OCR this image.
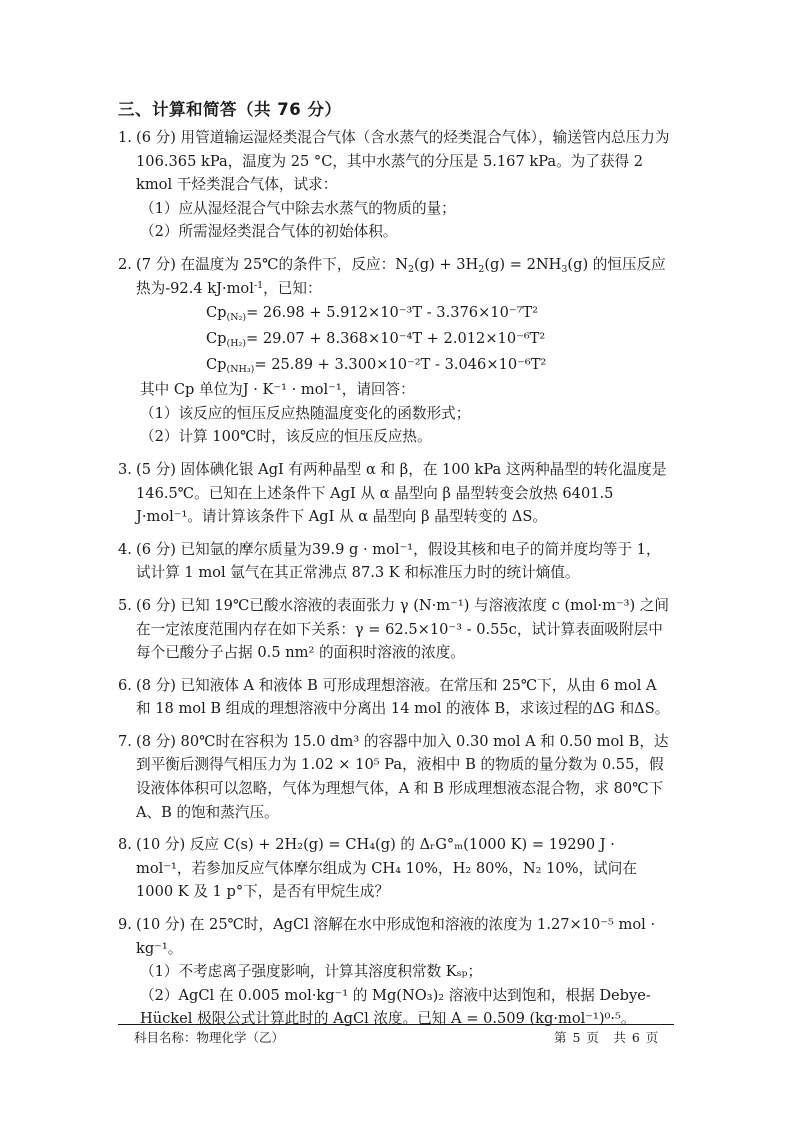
三、计算和简答（共 76 分）
1. (6 分) 用管道输运湿烃类混合气体（含水蒸气的烃类混合气体），输送管内总压力为 106.365 kPa，温度为 25 °C，其中水蒸气的分压是 5.167 kPa。为了获得 2 kmol 干烃类混合气体，试求：
（1）应从湿烃混合气中除去水蒸气的物质的量；
（2）所需湿烃类混合气体的初始体积。
2. (7 分) 在温度为 25℃的条件下，反应：$N_2(g) + 3H_2(g) = 2NH_3(g)$ 的恒压反应热为-92.4 kJ·mol$^{-1}$，已知：
$Cp_{(N_2)}= 26.98 + 5.912\times 10^{-3}T - 3.376\times 10^{-7}T^2$
$Cp_{(H_2)}= 29.07 + 8.368\times 10^{-4}T + 2.012\times 10^{-6}T^2$
$Cp_{(NH_3)}= 25.89 + 3.300\times 10^{-2}T - 3.046\times 10^{-6}T^2$
其中 Cp 单位为J · K⁻¹ · mol⁻¹，请回答：
（1）该反应的恒压反应热随温度变化的函数形式；
（2）计算 100℃时，该反应的恒压反应热。
3. (5 分) 固体碘化银 AgI 有两种晶型 α 和 β，在 100 kPa 这两种晶型的转化温度是 146.5℃。已知在上述条件下 AgI 从 α 晶型向 β 晶型转变会放热 6401.5 J·mol⁻¹。请计算该条件下 AgI 从 α 晶型向 β 晶型转变的 ΔS。
4. (6 分) 已知氩的摩尔质量为39.9 g · mol⁻¹，假设其核和电子的简并度均等于 1，试计算 1 mol 氩气在其正常沸点 87.3 K 和标准压力时的统计熵值。
5. (6 分) 已知 19℃已酸水溶液的表面张力 γ (N·m⁻¹) 与溶液浓度 c (mol·m⁻³) 之间在一定浓度范围内存在如下关系：γ = 62.5×10⁻³ - 0.55c，试计算表面吸附层中每个已酸分子占据 0.5 nm² 的面积时溶液的浓度。
6. (8 分) 已知液体 A 和液体 B 可形成理想溶液。在常压和 25℃下，从由 6 mol A 和 18 mol B 组成的理想溶液中分离出 14 mol 的液体 B，求该过程的ΔG 和ΔS。
7. (8 分) 80℃时在容积为 15.0 dm³ 的容器中加入 0.30 mol A 和 0.50 mol B，达到平衡后测得气相压力为 1.02 × 10⁵ Pa，液相中 B 的物质的量分数为 0.55，假设液体体积可以忽略，气体为理想气体，A 和 B 形成理想液态混合物，求 80℃下 A、B 的饱和蒸汽压。
8. (10 分) 反应 C(s) + 2H₂(g) = CH₄(g) 的 ΔᵣG°ₘ(1000 K) = 19290 J · mol⁻¹，若参加反应气体摩尔组成为 CH₄ 10%，H₂ 80%，N₂ 10%，试问在 1000 K 及 1 p°下，是否有甲烷生成？
9. (10 分) 在 25℃时，AgCl 溶解在水中形成饱和溶液的浓度为 1.27×10⁻⁵ mol · kg⁻¹。
（1）不考虑离子强度影响，计算其溶度积常数 Kₛₚ；
（2）AgCl 在 0.005 mol·kg⁻¹ 的 Mg(NO₃)₂ 溶液中达到饱和，根据 Debye-Hückel 极限公式计算此时的 AgCl 浓度。已知 A = 0.509 (kg·mol⁻¹)⁰·⁵。
科目名称：物理化学（乙）	第 5 页　共 6 页
